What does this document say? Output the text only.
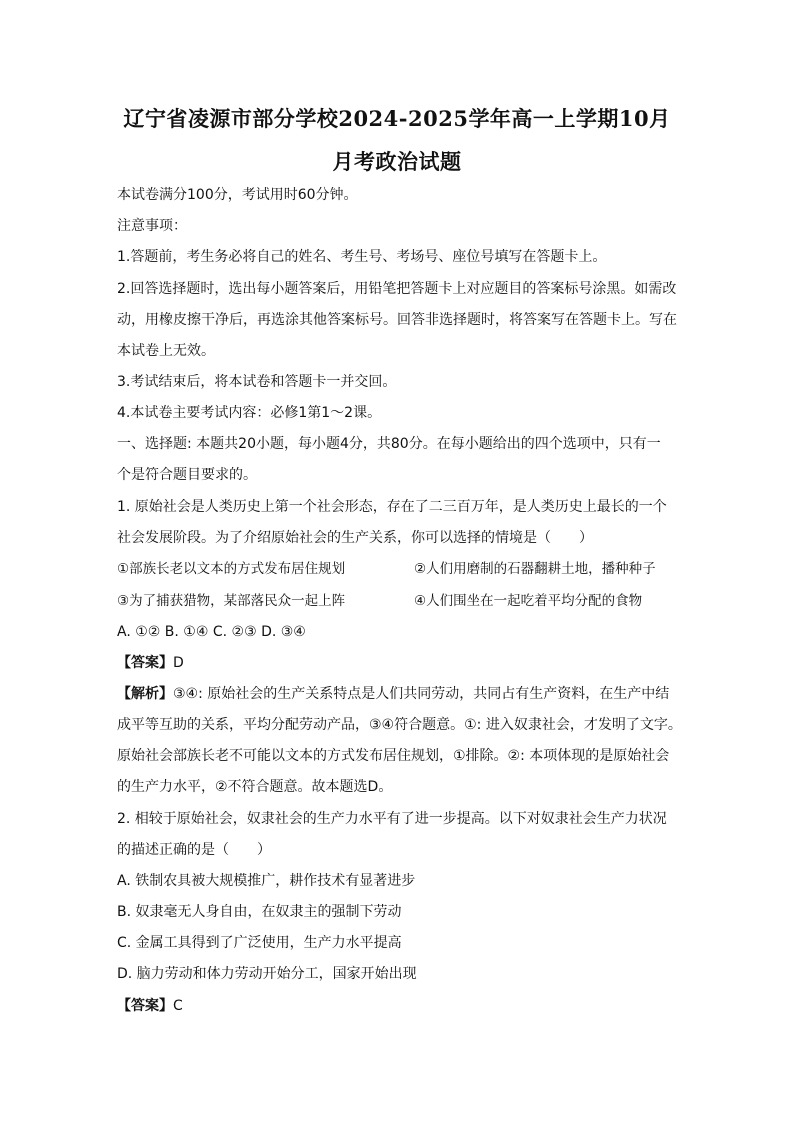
辽宁省凌源市部分学校2024-2025学年高一上学期10月
月考政治试题
本试卷满分100分，考试用时60分钟。
注意事项：
1.答题前，考生务必将自己的姓名、考生号、考场号、座位号填写在答题卡上。
2.回答选择题时，选出每小题答案后，用铅笔把答题卡上对应题目的答案标号涂黑。如需改
动，用橡皮擦干净后，再选涂其他答案标号。回答非选择题时，将答案写在答题卡上。写在
本试卷上无效。
3.考试结束后，将本试卷和答题卡一并交回。
4.本试卷主要考试内容：必修1第1～2课。
一、选择题: 本题共20小题，每小题4分，共80分。在每小题给出的四个选项中，只有一
个是符合题目要求的。
1. 原始社会是人类历史上第一个社会形态，存在了二三百万年，是人类历史上最长的一个
社会发展阶段。为了介绍原始社会的生产关系，你可以选择的情境是（　　）
①部族长老以文本的方式发布居住规划	②人们用磨制的石器翻耕土地，播种种子
③为了捕获猎物，某部落民众一起上阵	④人们围坐在一起吃着平均分配的食物
A. ①② B. ①④ C. ②③ D. ③④
【答案】D
【解析】③④: 原始社会的生产关系特点是人们共同劳动，共同占有生产资料，在生产中结
成平等互助的关系，平均分配劳动产品，③④符合题意。①: 进入奴隶社会，才发明了文字。
原始社会部族长老不可能以文本的方式发布居住规划，①排除。②: 本项体现的是原始社会
的生产力水平，②不符合题意。故本题选D。
2. 相较于原始社会，奴隶社会的生产力水平有了进一步提高。以下对奴隶社会生产力状况
的描述正确的是（　　）
A. 铁制农具被大规模推广，耕作技术有显著进步
B. 奴隶毫无人身自由，在奴隶主的强制下劳动
C. 金属工具得到了广泛使用，生产力水平提高
D. 脑力劳动和体力劳动开始分工，国家开始出现
【答案】C
